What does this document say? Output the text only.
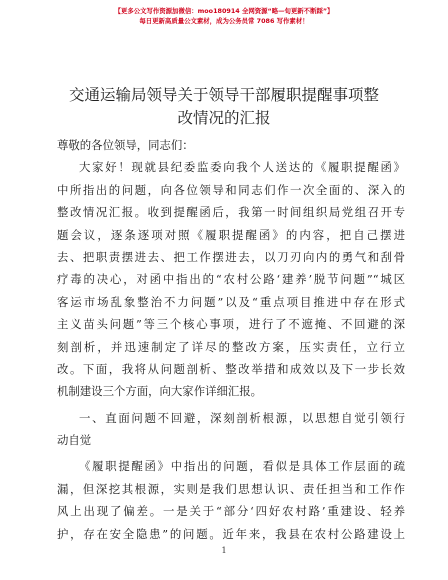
【更多公文写作资源加微信：moo180914 全网资源“略—旬更新不断踩”】
每日更新高质量公文素材，成为公务员常 7086 写作素材！
交通运输局领导关于领导干部履职提醒事项整
改情况的汇报
尊敬的各位领导，同志们：
大家好！现就县纪委监委向我个人送达的《履职提醒函》
中所指出的问题，向各位领导和同志们作一次全面的、深入的
整改情况汇报。收到提醒函后，我第一时间组织局党组召开专
题会议，逐条逐项对照《履职提醒函》的内容，把自己摆进
去、把职责摆进去、把工作摆进去，以刀刃向内的勇气和刮骨
疗毒的决心，对函中指出的“农村公路‘建养’脱节问题”“城区
客运市场乱象整治不力问题”以及“重点项目推进中存在形式
主义苗头问题”等三个核心事项，进行了不遮掩、不回避的深
刻剖析，并迅速制定了详尽的整改方案，压实责任，立行立
改。下面，我将从问题剖析、整改举措和成效以及下一步长效
机制建设三个方面，向大家作详细汇报。
一、直面问题不回避，深刻剖析根源，以思想自觉引领行
动自觉
《履职提醒函》中指出的问题，看似是具体工作层面的疏
漏，但深挖其根源，实则是我们思想认识、责任担当和工作作
风上出现了偏差。一是关于“部分‘四好农村路’重建设、轻养
护，存在安全隐患”的问题。近年来，我县在农村公路建设上
1
